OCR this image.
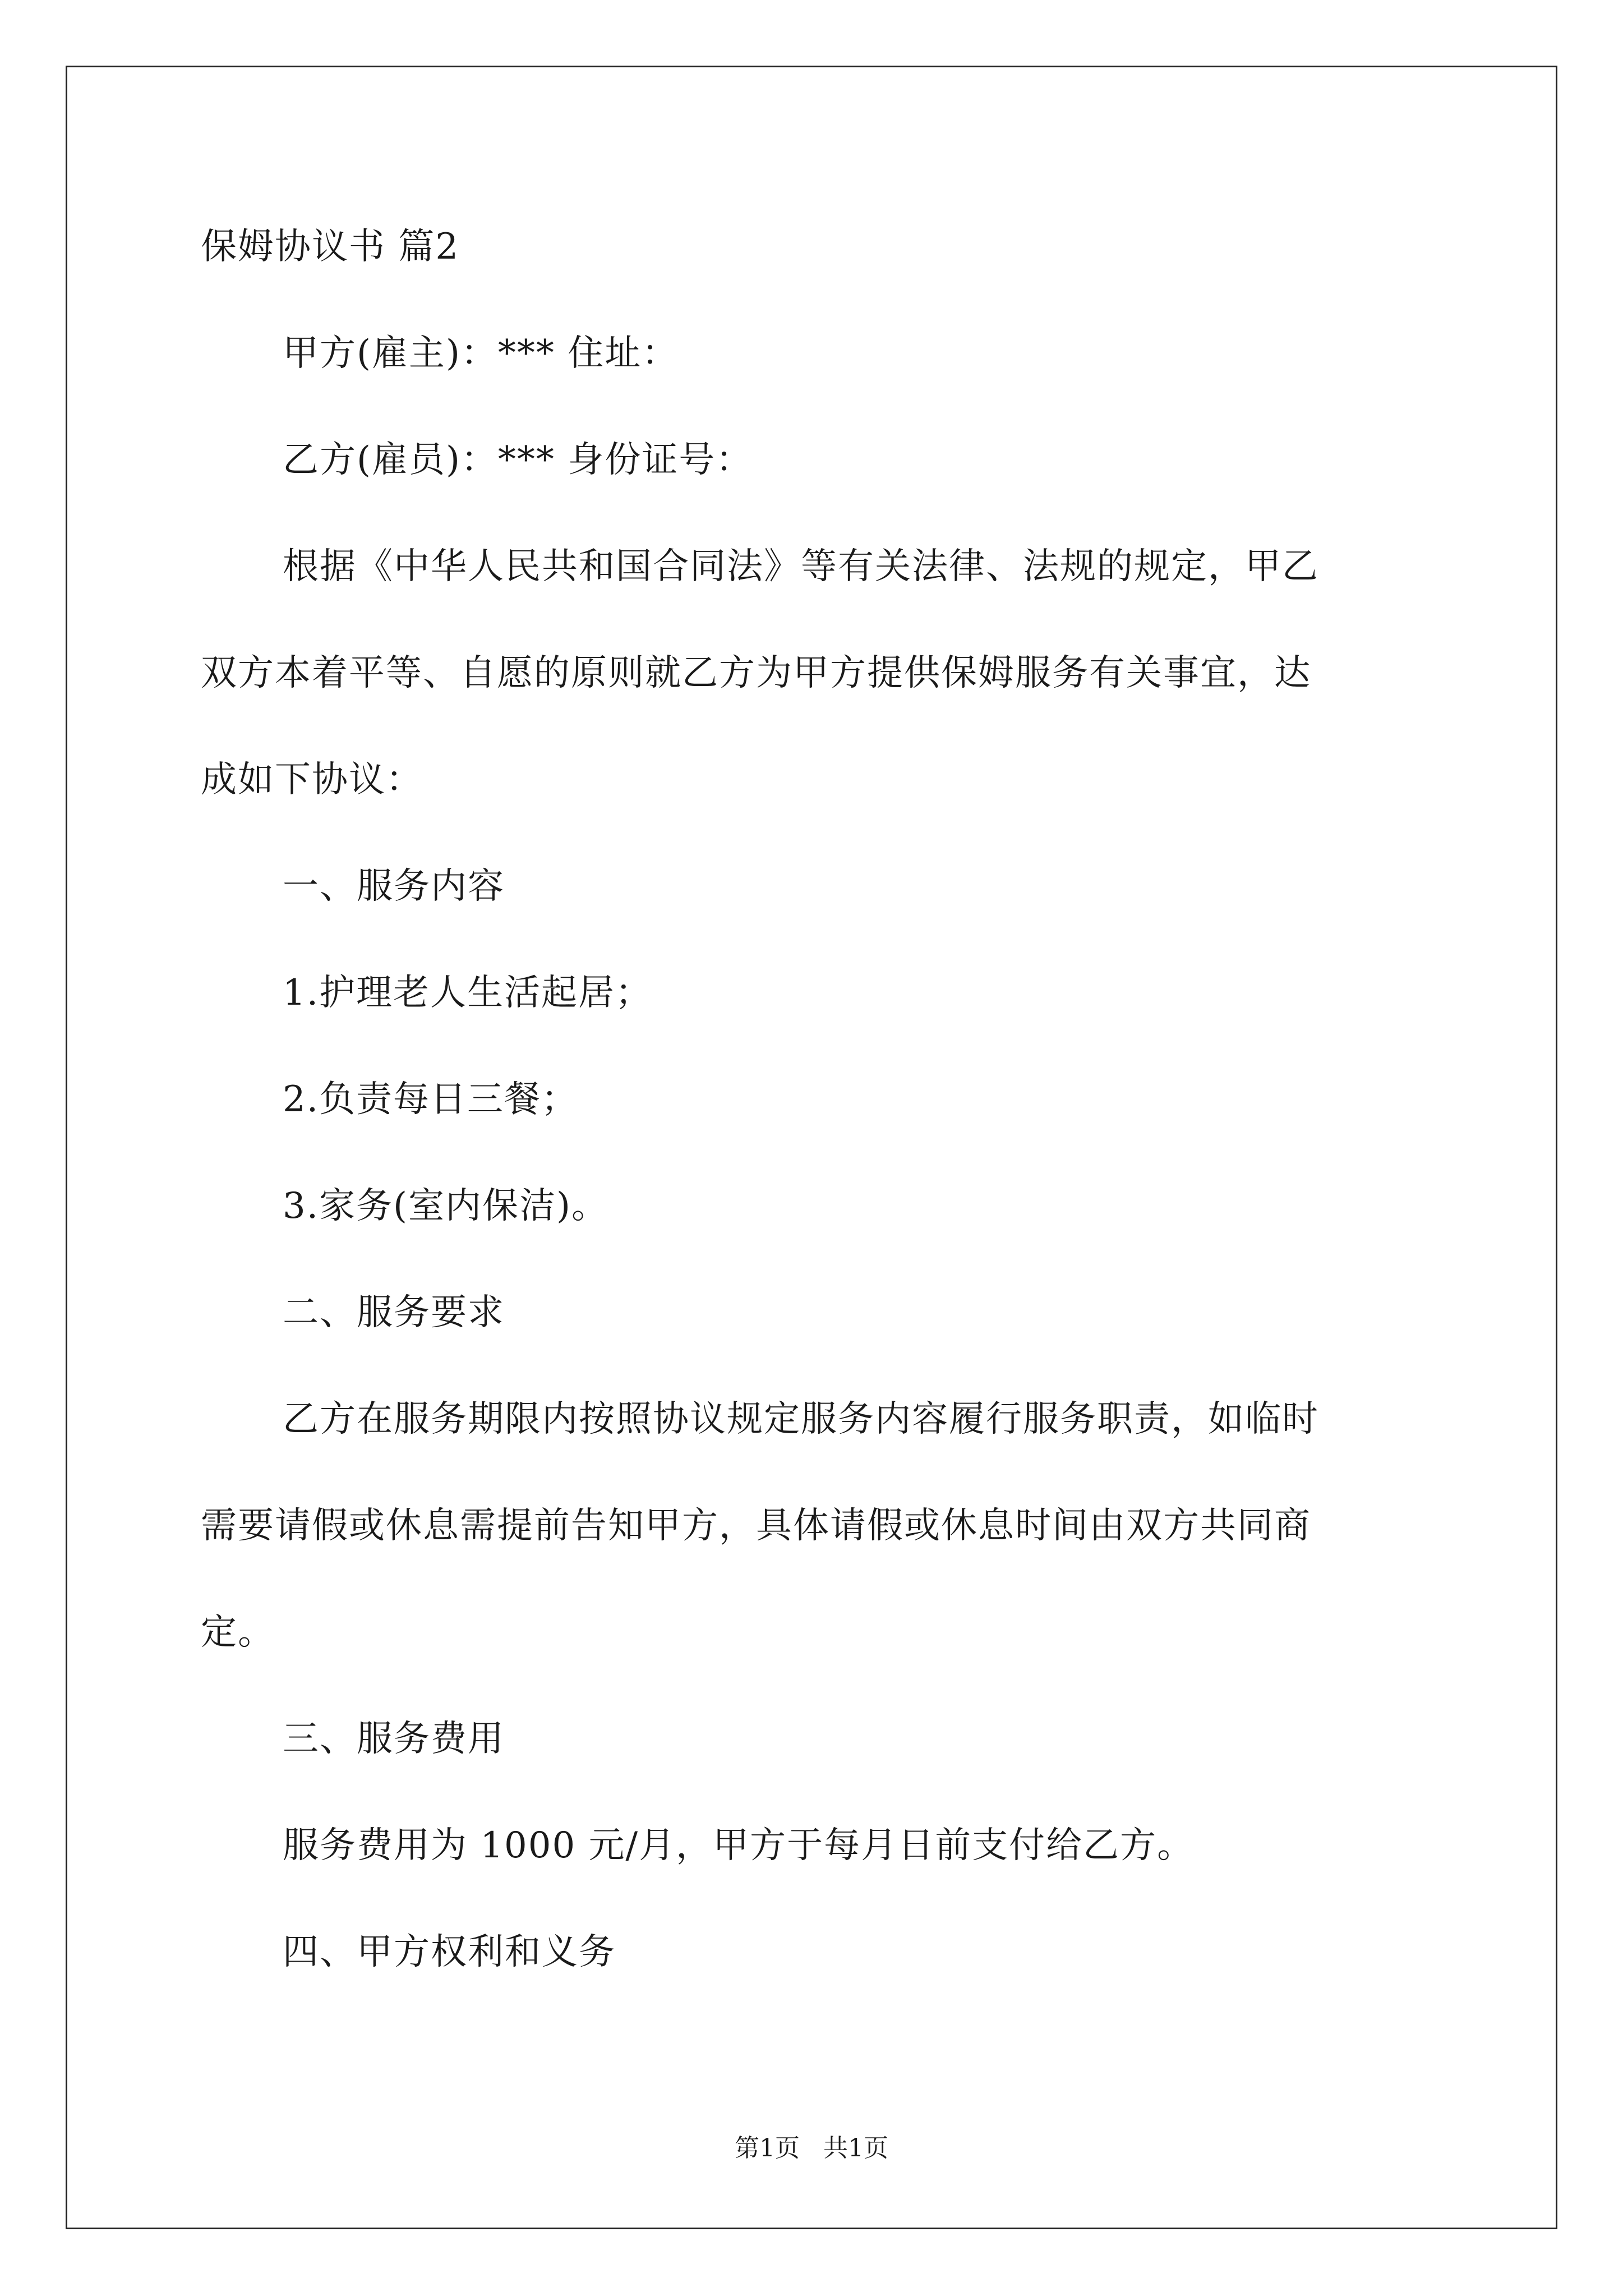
保姆协议书 篇2
甲方(雇主)：*** 住址：
乙方(雇员)：*** 身份证号：
根据《中华人民共和国合同法》等有关法律、法规的规定，甲乙
双方本着平等、自愿的原则就乙方为甲方提供保姆服务有关事宜，达
成如下协议：
一、服务内容
1.护理老人生活起居；
2.负责每日三餐；
3.家务(室内保洁)。
二、服务要求
乙方在服务期限内按照协议规定服务内容履行服务职责，如临时
需要请假或休息需提前告知甲方，具体请假或休息时间由双方共同商
定。
三、服务费用
服务费用为 1000 元/月，甲方于每月日前支付给乙方。
四、甲方权利和义务
第1页   共1页
